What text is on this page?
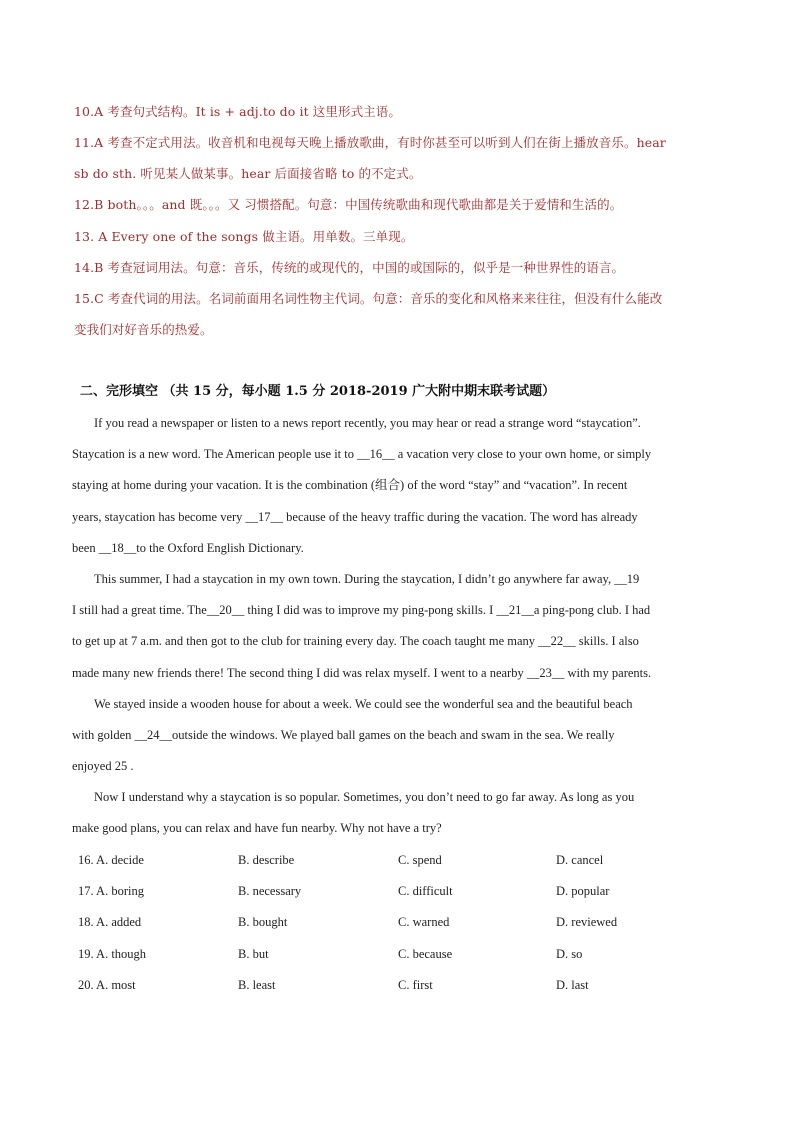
10.A 考查句式结构。It is + adj.to do it 这里形式主语。
11.A 考查不定式用法。收音机和电视每天晚上播放歌曲，有时你甚至可以听到人们在街上播放音乐。hear
sb do sth. 听见某人做某事。hear 后面接省略 to 的不定式。
12.B both。。。and 既。。。又 习惯搭配。句意：中国传统歌曲和现代歌曲都是关于爱情和生活的。
13. A Every one of the songs 做主语。用单数。三单现。
14.B 考查冠词用法。句意：音乐，传统的或现代的，中国的或国际的，似乎是一种世界性的语言。
15.C 考查代词的用法。名词前面用名词性物主代词。句意：音乐的变化和风格来来往往，但没有什么能改
变我们对好音乐的热爱。
二、完形填空 （共 15 分，每小题 1.5 分 2018-2019 广大附中期末联考试题）
If you read a newspaper or listen to a news report recently, you may hear or read a strange word “staycation”.
Staycation is a new word. The American people use it to __16__ a vacation very close to your own home, or simply
staying at home during your vacation. It is the combination (组合) of the word “stay” and “vacation”. In recent
years, staycation has become very __17__ because of the heavy traffic during the vacation. The word has already
been __18__to the Oxford English Dictionary.
This summer, I had a staycation in my own town. During the staycation, I didn’t go anywhere far away, __19
I still had a great time. The__20__ thing I did was to improve my ping-pong skills. I __21__a ping-pong club. I had
to get up at 7 a.m. and then got to the club for training every day. The coach taught me many __22__ skills. I also
made many new friends there! The second thing I did was relax myself. I went to a nearby __23__ with my parents.
We stayed inside a wooden house for about a week. We could see the wonderful sea and the beautiful beach
with golden __24__outside the windows. We played ball games on the beach and swam in the sea. We really
enjoyed 25 .
Now I understand why a staycation is so popular. Sometimes, you don’t need to go far away. As long as you
make good plans, you can relax and have fun nearby. Why not have a try?
16. A. decide	B. describe	C. spend	D. cancel
17. A. boring	B. necessary	C. difficult	D. popular
18. A. added	B. bought	C. warned	D. reviewed
19. A. though	B. but	C. because	D. so
20. A. most	B. least	C. first	D. last
